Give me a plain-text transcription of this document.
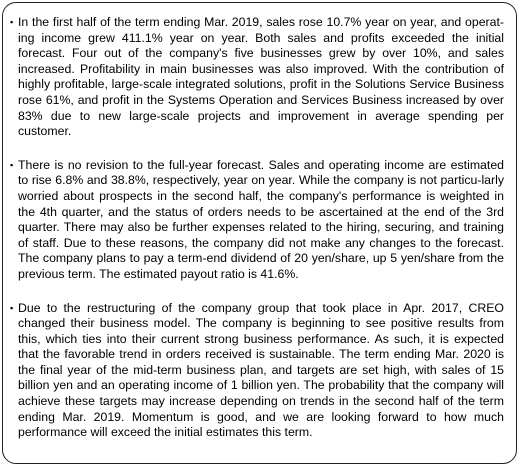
▪ In the first half of the term ending Mar. 2019, sales rose 10.7% year on year, and operat-ing income grew 411.1% year on year. Both sales and profits exceeded the initial forecast. Four out of the company's five businesses grew by over 10%, and sales increased. Profitability in main businesses was also improved. With the contribution of highly profitable, large-scale integrated solutions, profit in the Solutions Service Business rose 61%, and profit in the Systems Operation and Services Business increased by over 83% due to new large-scale projects and improvement in average spending per customer.
▪ There is no revision to the full-year forecast. Sales and operating income are estimated to rise 6.8% and 38.8%, respectively, year on year. While the company is not particu-larly worried about prospects in the second half, the company's performance is weighted in the 4th quarter, and the status of orders needs to be ascertained at the end of the 3rd quarter. There may also be further expenses related to the hiring, securing, and training of staff. Due to these reasons, the company did not make any changes to the forecast. The company plans to pay a term-end dividend of 20 yen/share, up 5 yen/share from the previous term. The estimated payout ratio is 41.6%.
▪ Due to the restructuring of the company group that took place in Apr. 2017, CREO changed their business model. The company is beginning to see positive results from this, which ties into their current strong business performance. As such, it is expected that the favorable trend in orders received is sustainable. The term ending Mar. 2020 is the final year of the mid-term business plan, and targets are set high, with sales of 15 billion yen and an operating income of 1 billion yen. The probability that the company will achieve these targets may increase depending on trends in the second half of the term ending Mar. 2019. Momentum is good, and we are looking forward to how much performance will exceed the initial estimates this term.
